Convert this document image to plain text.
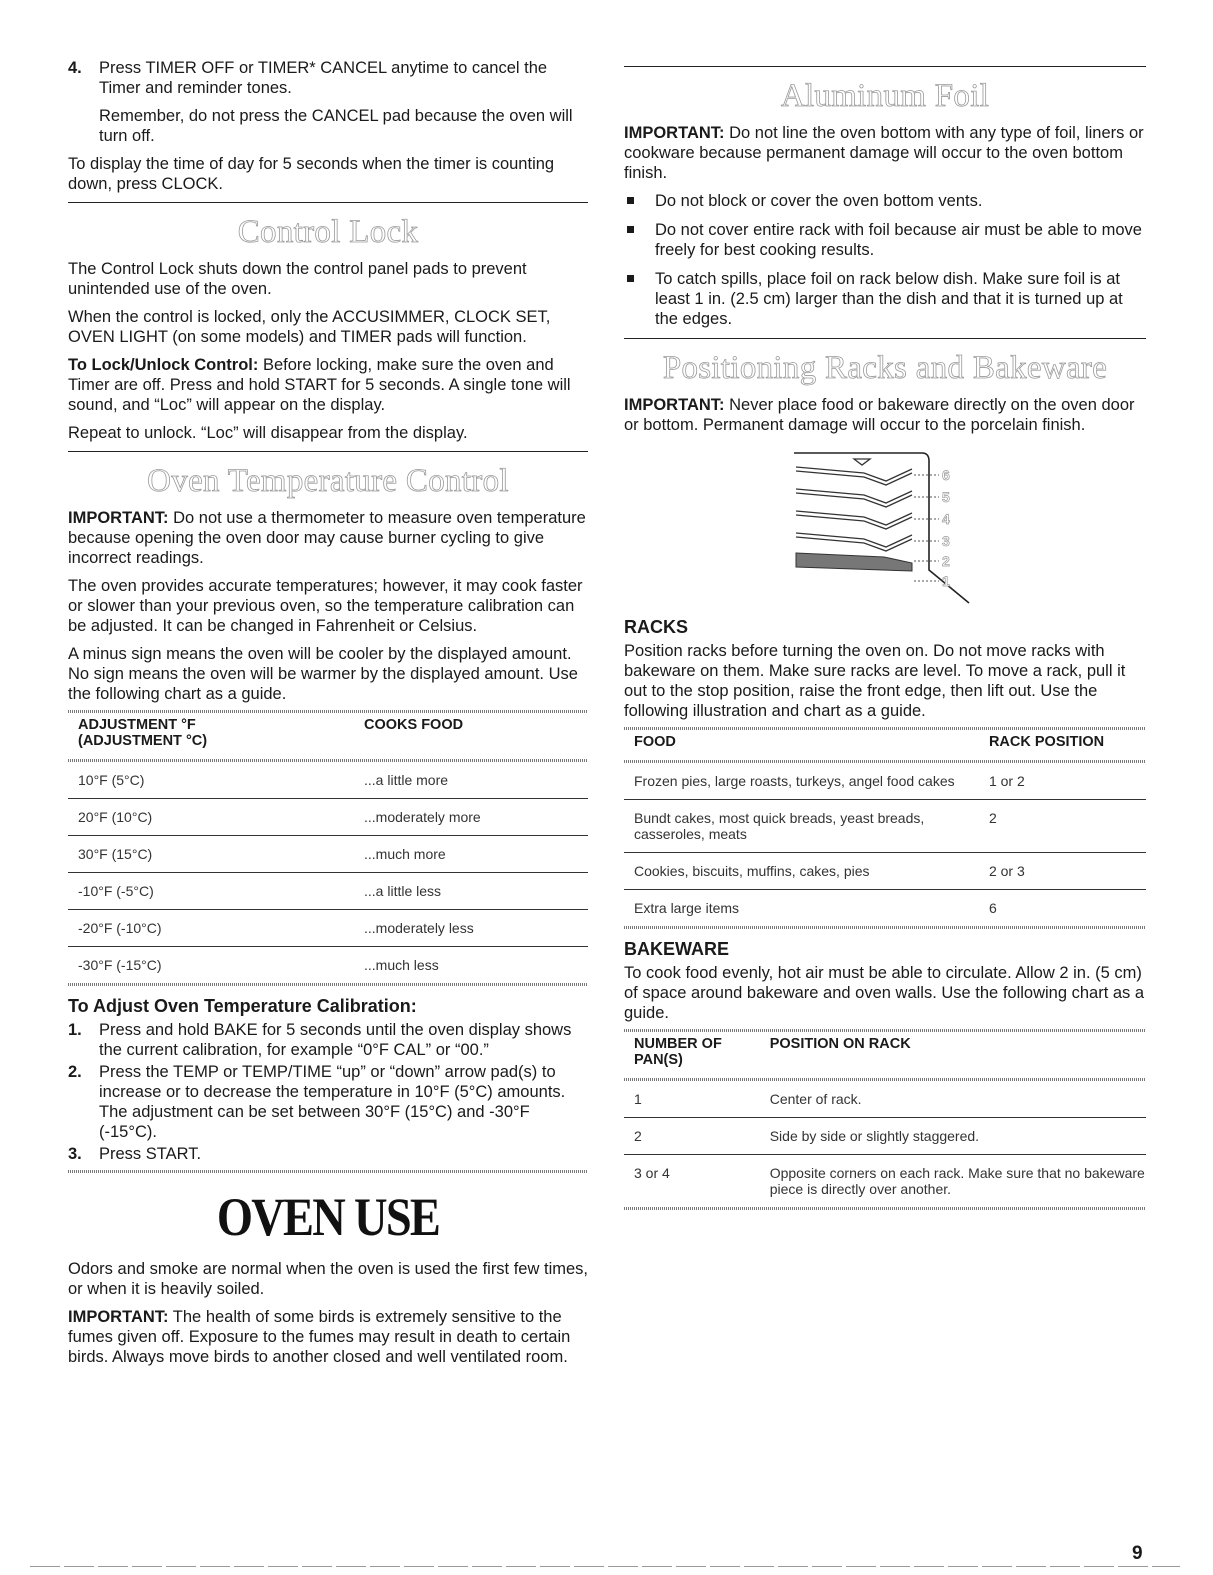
4. Press TIMER OFF or TIMER* CANCEL anytime to cancel the Timer and reminder tones.

Remember, do not press the CANCEL pad because the oven will turn off.

To display the time of day for 5 seconds when the timer is counting down, press CLOCK.

Control Lock

The Control Lock shuts down the control panel pads to prevent unintended use of the oven.

When the control is locked, only the ACCUSIMMER, CLOCK SET, OVEN LIGHT (on some models) and TIMER pads will function.

To Lock/Unlock Control: Before locking, make sure the oven and Timer are off. Press and hold START for 5 seconds. A single tone will sound, and “Loc” will appear on the display.

Repeat to unlock. “Loc” will disappear from the display.

Oven Temperature Control

IMPORTANT: Do not use a thermometer to measure oven temperature because opening the oven door may cause burner cycling to give incorrect readings.

The oven provides accurate temperatures; however, it may cook faster or slower than your previous oven, so the temperature calibration can be adjusted. It can be changed in Fahrenheit or Celsius.

A minus sign means the oven will be cooler by the displayed amount. No sign means the oven will be warmer by the displayed amount. Use the following chart as a guide.

ADJUSTMENT °F
(ADJUSTMENT °C)	COOKS FOOD
10°F (5°C)	...a little more
20°F (10°C)	...moderately more
30°F (15°C)	...much more
-10°F (-5°C)	...a little less
-20°F (-10°C)	...moderately less
-30°F (-15°C)	...much less
To Adjust Oven Temperature Calibration:
1. Press and hold BAKE for 5 seconds until the oven display shows the current calibration, for example “0°F CAL” or “00.”

2. Press the TEMP or TEMP/TIME “up” or “down” arrow pad(s) to increase or to decrease the temperature in 10°F (5°C) amounts. The adjustment can be set between 30°F (15°C) and -30°F (-15°C).

3. Press START.

OVEN USE

Odors and smoke are normal when the oven is used the first few times, or when it is heavily soiled.

IMPORTANT: The health of some birds is extremely sensitive to the fumes given off. Exposure to the fumes may result in death to certain birds. Always move birds to another closed and well ventilated room.

Aluminum Foil

IMPORTANT: Do not line the oven bottom with any type of foil, liners or cookware because permanent damage will occur to the oven bottom finish.

Do not block or cover the oven bottom vents.
Do not cover entire rack with foil because air must be able to move freely for best cooking results.
To catch spills, place foil on rack below dish. Make sure foil is at least 1 in. (2.5 cm) larger than the dish and that it is turned up at the edges.
Positioning Racks and Bakeware

IMPORTANT: Never place food or bakeware directly on the oven door or bottom. Permanent damage will occur to the porcelain finish.

6
5
4
3
2
1
RACKS

Position racks before turning the oven on. Do not move racks with bakeware on them. Make sure racks are level. To move a rack, pull it out to the stop position, raise the front edge, then lift out. Use the following illustration and chart as a guide.

FOOD	RACK POSITION
Frozen pies, large roasts, turkeys, angel food cakes	1 or 2
Bundt cakes, most quick breads, yeast breads, casseroles, meats	2
Cookies, biscuits, muffins, cakes, pies	2 or 3
Extra large items	6
BAKEWARE

To cook food evenly, hot air must be able to circulate. Allow 2 in. (5 cm) of space around bakeware and oven walls. Use the following chart as a guide.

NUMBER OF
PAN(S)	POSITION ON RACK
1	Center of rack.
2	Side by side or slightly staggered.
3 or 4	Opposite corners on each rack. Make sure that no bakeware piece is directly over another.
9
